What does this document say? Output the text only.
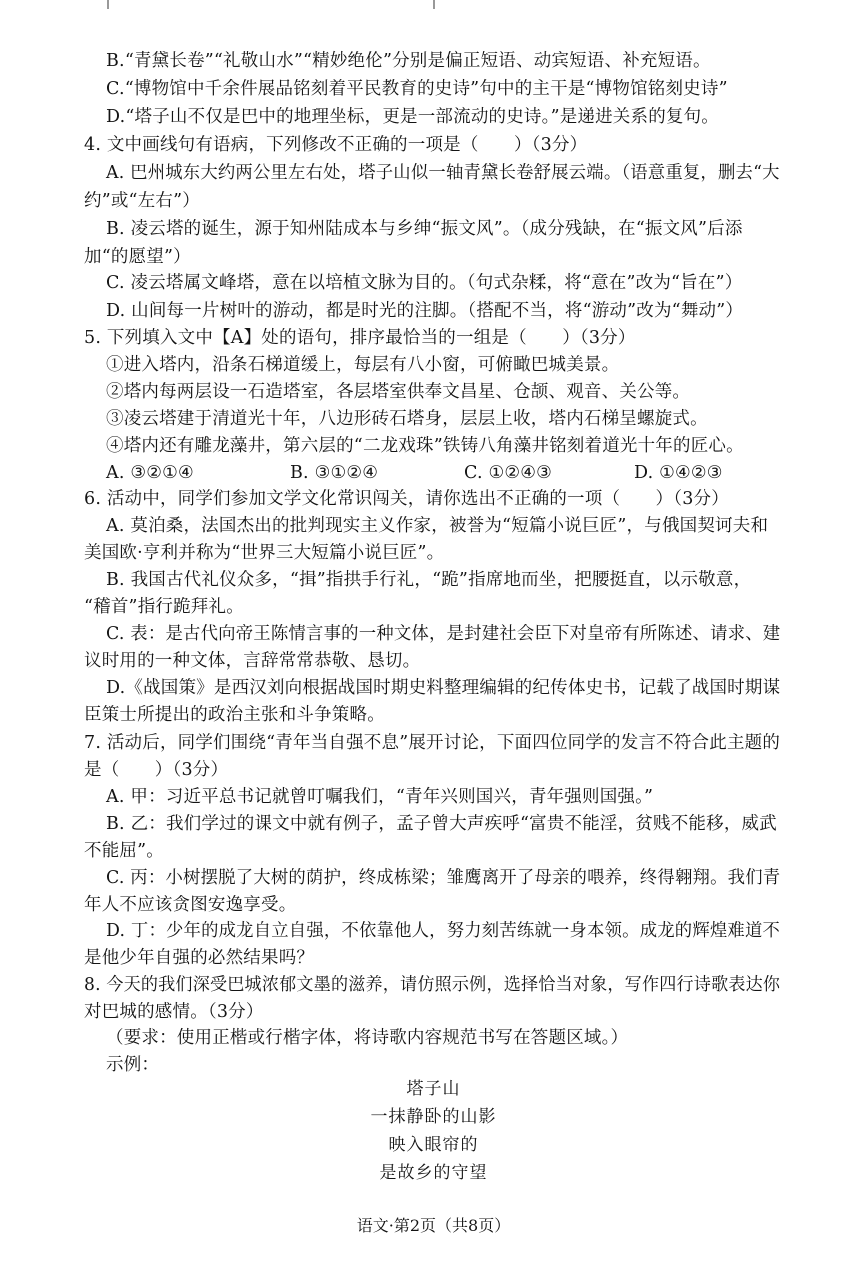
B.“青黛长卷”“礼敬山水”“精妙绝伦”分别是偏正短语、动宾短语、补充短语。
C.“博物馆中千余件展品铭刻着平民教育的史诗”句中的主干是“博物馆铭刻史诗”
D.“塔子山不仅是巴中的地理坐标，更是一部流动的史诗。”是递进关系的复句。
4. 文中画线句有语病，下列修改不正确的一项是（　　）（3分）
A. 巴州城东大约两公里左右处，塔子山似一轴青黛长卷舒展云端。（语意重复，删去“大
约”或“左右”）
B. 凌云塔的诞生，源于知州陆成本与乡绅“振文风”。（成分残缺，在“振文风”后添
加“的愿望”）
C. 凌云塔属文峰塔，意在以培植文脉为目的。（句式杂糅，将“意在”改为“旨在”）
D. 山间每一片树叶的游动，都是时光的注脚。（搭配不当，将“游动”改为“舞动”）
5. 下列填入文中【A】处的语句，排序最恰当的一组是（　　）（3分）
①进入塔内，沿条石梯道缓上，每层有八小窗，可俯瞰巴城美景。
②塔内每两层设一石造塔室，各层塔室供奉文昌星、仓颉、观音、关公等。
③凌云塔建于清道光十年，八边形砖石塔身，层层上收，塔内石梯呈螺旋式。
④塔内还有雕龙藻井，第六层的“二龙戏珠”铁铸八角藻井铭刻着道光十年的匠心。
A. ③②①④	B. ③①②④	C. ①②④③	D. ①④②③
6. 活动中，同学们参加文学文化常识闯关，请你选出不正确的一项（　　）（3分）
A. 莫泊桑，法国杰出的批判现实主义作家，被誉为“短篇小说巨匠”，与俄国契诃夫和
美国欧·亨利并称为“世界三大短篇小说巨匠”。
B. 我国古代礼仪众多，“揖”指拱手行礼，“跪”指席地而坐，把腰挺直，以示敬意，
“稽首”指行跪拜礼。
C. 表：是古代向帝王陈情言事的一种文体，是封建社会臣下对皇帝有所陈述、请求、建
议时用的一种文体，言辞常常恭敬、恳切。
D.《战国策》是西汉刘向根据战国时期史料整理编辑的纪传体史书，记载了战国时期谋
臣策士所提出的政治主张和斗争策略。
7. 活动后，同学们围绕“青年当自强不息”展开讨论，下面四位同学的发言不符合此主题的
是（　　）（3分）
A. 甲：习近平总书记就曾叮嘱我们，“青年兴则国兴，青年强则国强。”
B. 乙：我们学过的课文中就有例子，孟子曾大声疾呼“富贵不能淫，贫贱不能移，威武
不能屈”。
C. 丙：小树摆脱了大树的荫护，终成栋梁；雏鹰离开了母亲的喂养，终得翱翔。我们青
年人不应该贪图安逸享受。
D. 丁：少年的成龙自立自强，不依靠他人，努力刻苦练就一身本领。成龙的辉煌难道不
是他少年自强的必然结果吗？
8. 今天的我们深受巴城浓郁文墨的滋养，请仿照示例，选择恰当对象，写作四行诗歌表达你
对巴城的感情。（3分）
（要求：使用正楷或行楷字体，将诗歌内容规范书写在答题区域。）
示例：
塔子山
一抹静卧的山影
映入眼帘的
是故乡的守望
语文·第2页（共8页）
